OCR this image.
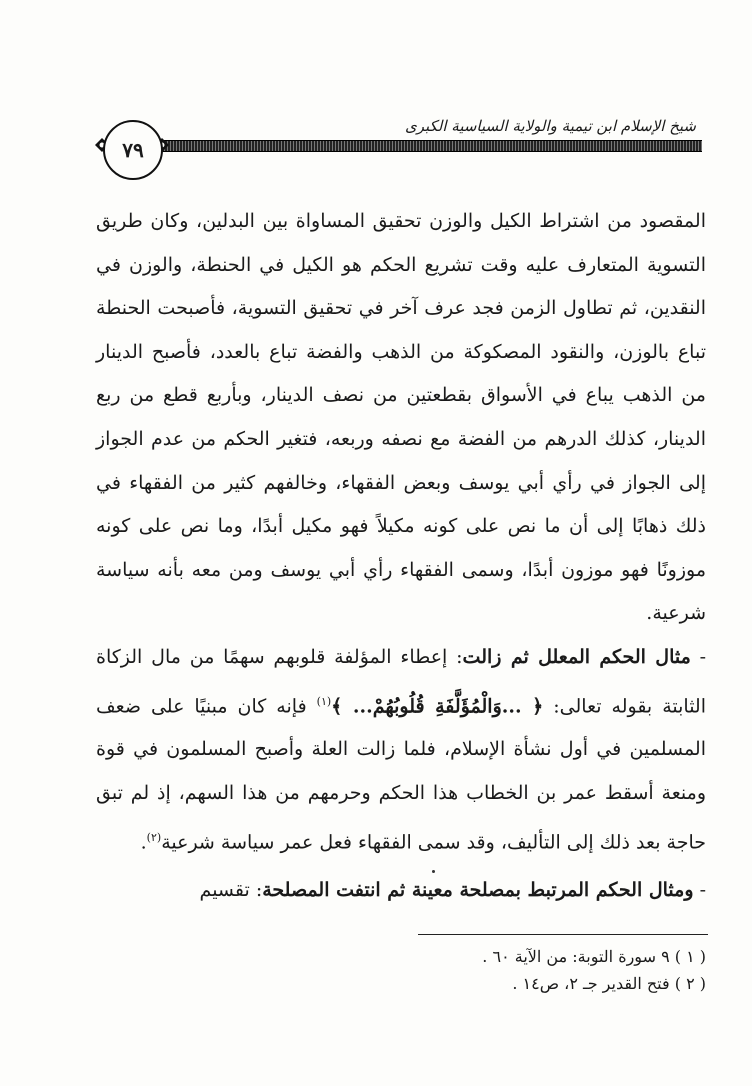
شيخ الإسلام ابن تيمية والولاية السياسية الكبرى
٧٩

المقصود من اشتراط الكيل والوزن تحقيق المساواة بين البدلين، وكان طريق التسوية المتعارف عليه وقت تشريع الحكم هو الكيل في الحنطة، والوزن في النقدين، ثم تطاول الزمن فجد عرف آخر في تحقيق التسوية، فأصبحت الحنطة تباع بالوزن، والنقود المصكوكة من الذهب والفضة تباع بالعدد، فأصبح الدينار من الذهب يباع في الأسواق بقطعتين من نصف الدينار، وبأربع قطع من ربع الدينار، كذلك الدرهم من الفضة مع نصفه وربعه، فتغير الحكم من عدم الجواز إلى الجواز في رأي أبي يوسف وبعض الفقهاء، وخالفهم كثير من الفقهاء في ذلك ذهابًا إلى أن ما نص على كونه مكيلاً فهو مكيل أبدًا، وما نص على كونه موزونًا فهو موزون أبدًا، وسمى الفقهاء رأي أبي يوسف ومن معه بأنه سياسة شرعية.

- مثال الحكم المعلل ثم زالت: إعطاء المؤلفة قلوبهم سهمًا من مال الزكاة الثابتة بقوله تعالى: ﴿ ...وَالْمُؤَلَّفَةِ قُلُوبُهُمْ... ﴾$^{(١)}$ فإنه كان مبنيًا على ضعف المسلمين في أول نشأة الإسلام، فلما زالت العلة وأصبح المسلمون في قوة ومنعة أسقط عمر بن الخطاب هذا الحكم وحرمهم من هذا السهم، إذ لم تبق حاجة بعد ذلك إلى التأليف، وقد سمى الفقهاء فعل عمر سياسة شرعية$^{(٢)}$.

- ومثال الحكم المرتبط بمصلحة معينة ثم انتفت المصلحة: تقسيم

( ١ ) ٩ سورة التوبة: من الآية ٦٠ .
( ٢ ) فتح القدير جـ ٢، ص١٤ .
